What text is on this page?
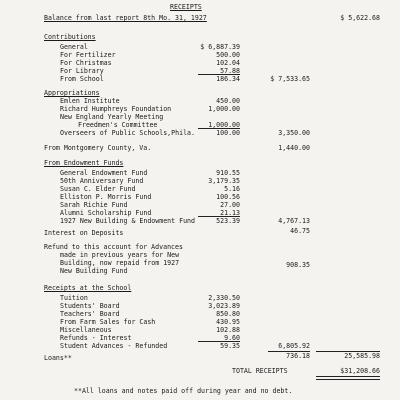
RECEIPTS
Balance from last report 8th Mo. 31, 1927	$ 5,622.68
Contributions
General	$ 6,887.39
For Fertilizer	500.00
For Christmas	102.04
For Library	57.88
From School	186.34	$ 7,533.65
Appropriations
Emlen Institute	450.00
Richard Humphreys Foundation	1,000.00
New England Yearly Meeting
Freedmen's Committee	1,000.00
Overseers of Public Schools,Phila.	100.00	3,350.00
From Montgomery County, Va.	1,440.00
From Endowment Funds
General Endowment Fund	910.55
50th Anniversary Fund	3,179.35
Susan C. Elder Fund	5.16
Elliston P. Morris Fund	100.56
Sarah Richie Fund	27.00
Alumni Scholarship Fund	21.13
1927 New Building & Endowment Fund	523.39	4,767.13
Interest on Deposits	46.75
Refund to this account for Advances
made in previous years for New
Building, now repaid from 1927
New Building Fund
908.35
Receipts at the School
Tuition	2,330.50
Students' Board	3,023.89
Teachers' Board	850.80
From Farm Sales for Cash	430.95
Miscellaneous	102.88
Refunds - Interest	9.60
Student Advances - Refunded	59.35	6,805.92
Loans**	736.18	25,585.98
TOTAL RECEIPTS	$31,208.66
**All loans and notes paid off during year and no debt.
